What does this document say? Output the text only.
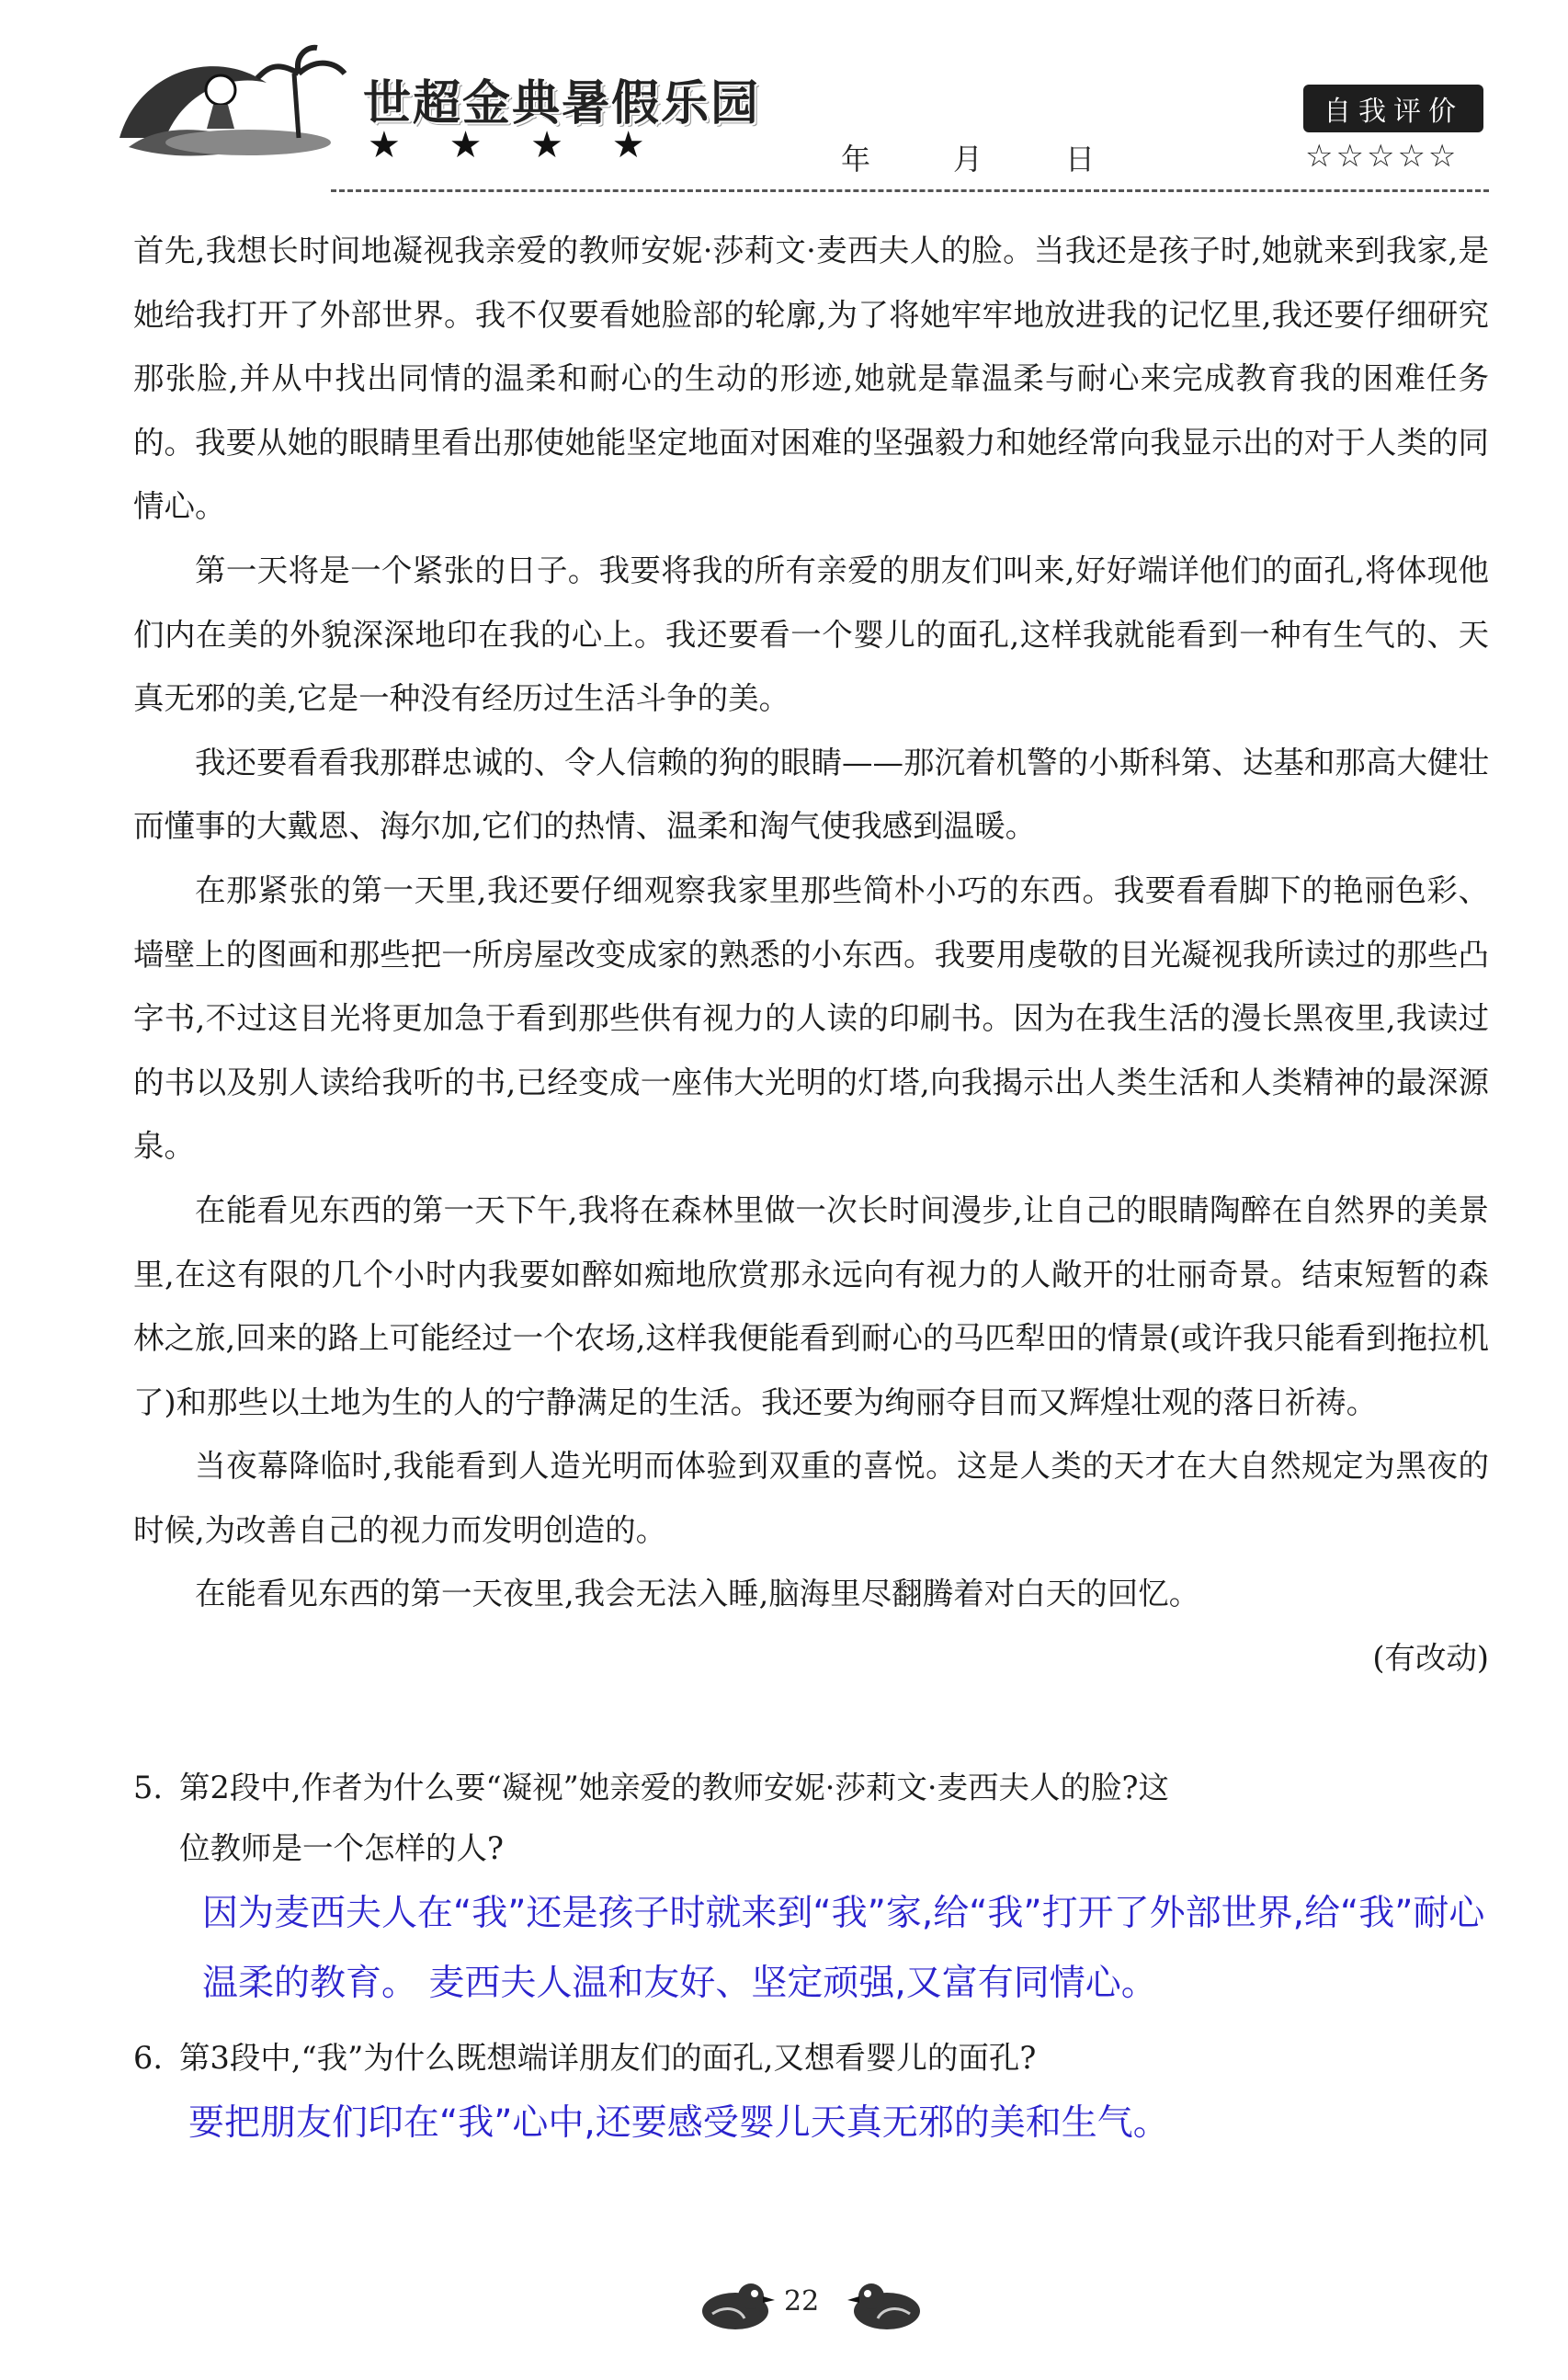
世超金典暑假乐园
★ ★ ★ ★	年	月	日
自我评价
☆☆☆☆☆

首先,我想长时间地凝视我亲爱的教师安妮·莎莉文·麦西夫人的脸。当我还是孩子时,她就来到我家,是她给我打开了外部世界。我不仅要看她脸部的轮廓,为了将她牢牢地放进我的记忆里,我还要仔细研究那张脸,并从中找出同情的温柔和耐心的生动的形迹,她就是靠温柔与耐心来完成教育我的困难任务的。我要从她的眼睛里看出那使她能坚定地面对困难的坚强毅力和她经常向我显示出的对于人类的同情心。

第一天将是一个紧张的日子。我要将我的所有亲爱的朋友们叫来,好好端详他们的面孔,将体现他们内在美的外貌深深地印在我的心上。我还要看一个婴儿的面孔,这样我就能看到一种有生气的、天真无邪的美,它是一种没有经历过生活斗争的美。

我还要看看我那群忠诚的、令人信赖的狗的眼睛——那沉着机警的小斯科第、达基和那高大健壮而懂事的大戴恩、海尔加,它们的热情、温柔和淘气使我感到温暖。

在那紧张的第一天里,我还要仔细观察我家里那些简朴小巧的东西。我要看看脚下的艳丽色彩、墙壁上的图画和那些把一所房屋改变成家的熟悉的小东西。我要用虔敬的目光凝视我所读过的那些凸字书,不过这目光将更加急于看到那些供有视力的人读的印刷书。因为在我生活的漫长黑夜里,我读过的书以及别人读给我听的书,已经变成一座伟大光明的灯塔,向我揭示出人类生活和人类精神的最深源泉。

在能看见东西的第一天下午,我将在森林里做一次长时间漫步,让自己的眼睛陶醉在自然界的美景里,在这有限的几个小时内我要如醉如痴地欣赏那永远向有视力的人敞开的壮丽奇景。结束短暂的森林之旅,回来的路上可能经过一个农场,这样我便能看到耐心的马匹犁田的情景(或许我只能看到拖拉机了)和那些以土地为生的人的宁静满足的生活。我还要为绚丽夺目而又辉煌壮观的落日祈祷。

当夜幕降临时,我能看到人造光明而体验到双重的喜悦。这是人类的天才在大自然规定为黑夜的时候,为改善自己的视力而发明创造的。

在能看见东西的第一天夜里,我会无法入睡,脑海里尽翻腾着对白天的回忆。

(有改动)

5. 第2段中,作者为什么要“凝视”她亲爱的教师安妮·莎莉文·麦西夫人的脸?这
位教师是一个怎样的人?
因为麦西夫人在“我”还是孩子时就来到“我”家,给“我”打开了外部世界,给“我”耐心温柔的教育。 麦西夫人温和友好、坚定顽强,又富有同情心。
6. 第3段中,“我”为什么既想端详朋友们的面孔,又想看婴儿的面孔?
要把朋友们印在“我”心中,还要感受婴儿天真无邪的美和生气。
22
